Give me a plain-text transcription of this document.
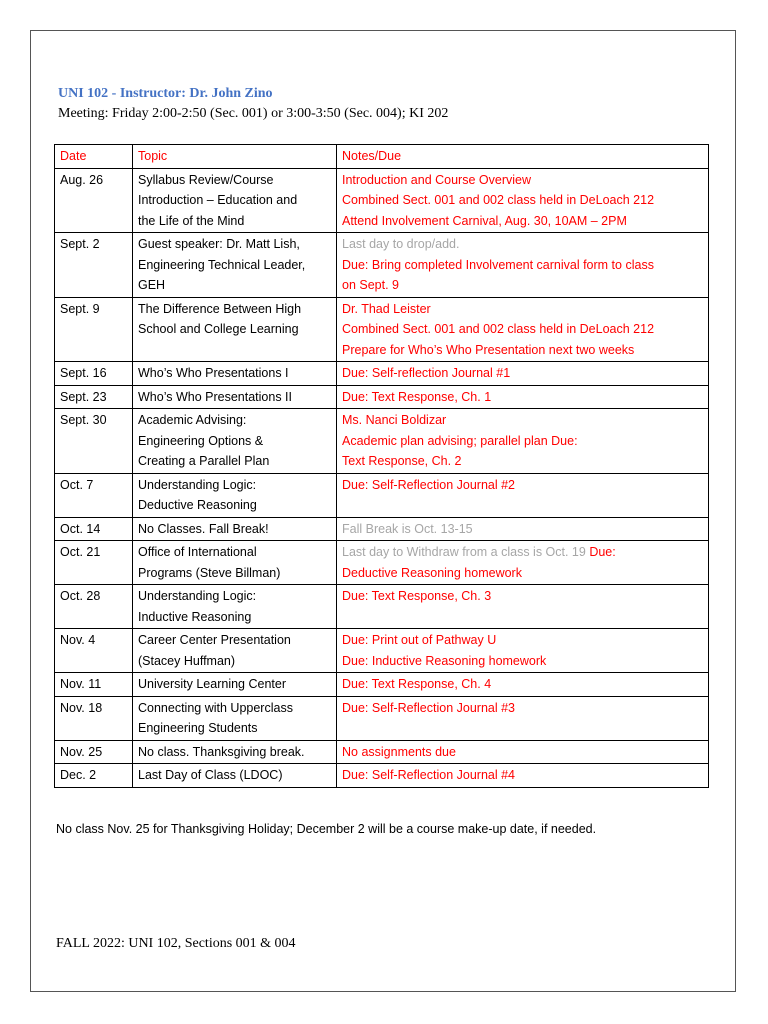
UNI 102 - Instructor: Dr. John Zino
Meeting: Friday 2:00-2:50 (Sec. 001) or 3:00-3:50 (Sec. 004); KI 202
Date	Topic	Notes/Due
Aug. 26	Syllabus Review/Course
Introduction – Education and
the Life of the Mind	Introduction and Course Overview
Combined Sect. 001 and 002 class held in DeLoach 212
Attend Involvement Carnival, Aug. 30, 10AM – 2PM

Sept. 2	Guest speaker: Dr. Matt Lish,
Engineering Technical Leader,
GEH	Last day to drop/add.
Due: Bring completed Involvement carnival form to class
on Sept. 9

Sept. 9	The Difference Between High
School and College Learning	Dr. Thad Leister
Combined Sect. 001 and 002 class held in DeLoach 212
Prepare for Who’s Who Presentation next two weeks

Sept. 16	Who’s Who Presentations I	Due: Self-reflection Journal #1

Sept. 23	Who’s Who Presentations II	Due: Text Response, Ch. 1

Sept. 30	Academic Advising:
Engineering Options &
Creating a Parallel Plan	Ms. Nanci Boldizar
Academic plan advising; parallel plan Due:
Text Response, Ch. 2

Oct. 7	Understanding Logic:
Deductive Reasoning	Due: Self-Reflection Journal #2

Oct. 14	No Classes. Fall Break!	Fall Break is Oct. 13-15

Oct. 21	Office of International
Programs (Steve Billman)	Last day to Withdraw from a class is Oct. 19 Due:
Deductive Reasoning homework

Oct. 28	Understanding Logic:
Inductive Reasoning	Due: Text Response, Ch. 3

Nov. 4	Career Center Presentation
(Stacey Huffman)	Due: Print out of Pathway U
Due: Inductive Reasoning homework

Nov. 11	University Learning Center	Due: Text Response, Ch. 4

Nov. 18	Connecting with Upperclass
Engineering Students	Due: Self-Reflection Journal #3

Nov. 25	No class. Thanksgiving break.	No assignments due

Dec. 2	Last Day of Class (LDOC)	Due: Self-Reflection Journal #4
No class Nov. 25 for Thanksgiving Holiday; December 2 will be a course make-up date, if needed.
FALL 2022: UNI 102, Sections 001 & 004
